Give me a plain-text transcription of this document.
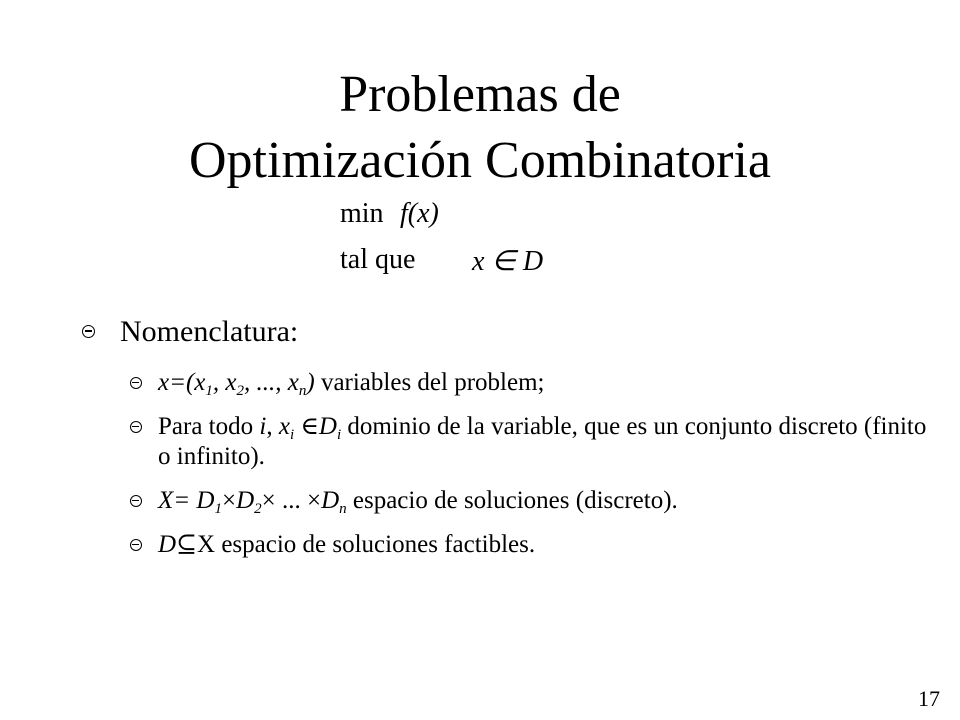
Problemas de
Optimización Combinatoria
min f(x)
tal que x ∈ D
Nomenclatura:
$x=(x_1$, $x_2$, ..., $x_n$) variables del problem;
Para todo i, $x_i$ $\in D_i$ dominio de la variable, que es un conjunto discreto (finito o infinito).
$X= D_1\times D_2\times$ ... $\times D_n$ espacio de soluciones (discreto).
D⊆X espacio de soluciones factibles.
17
